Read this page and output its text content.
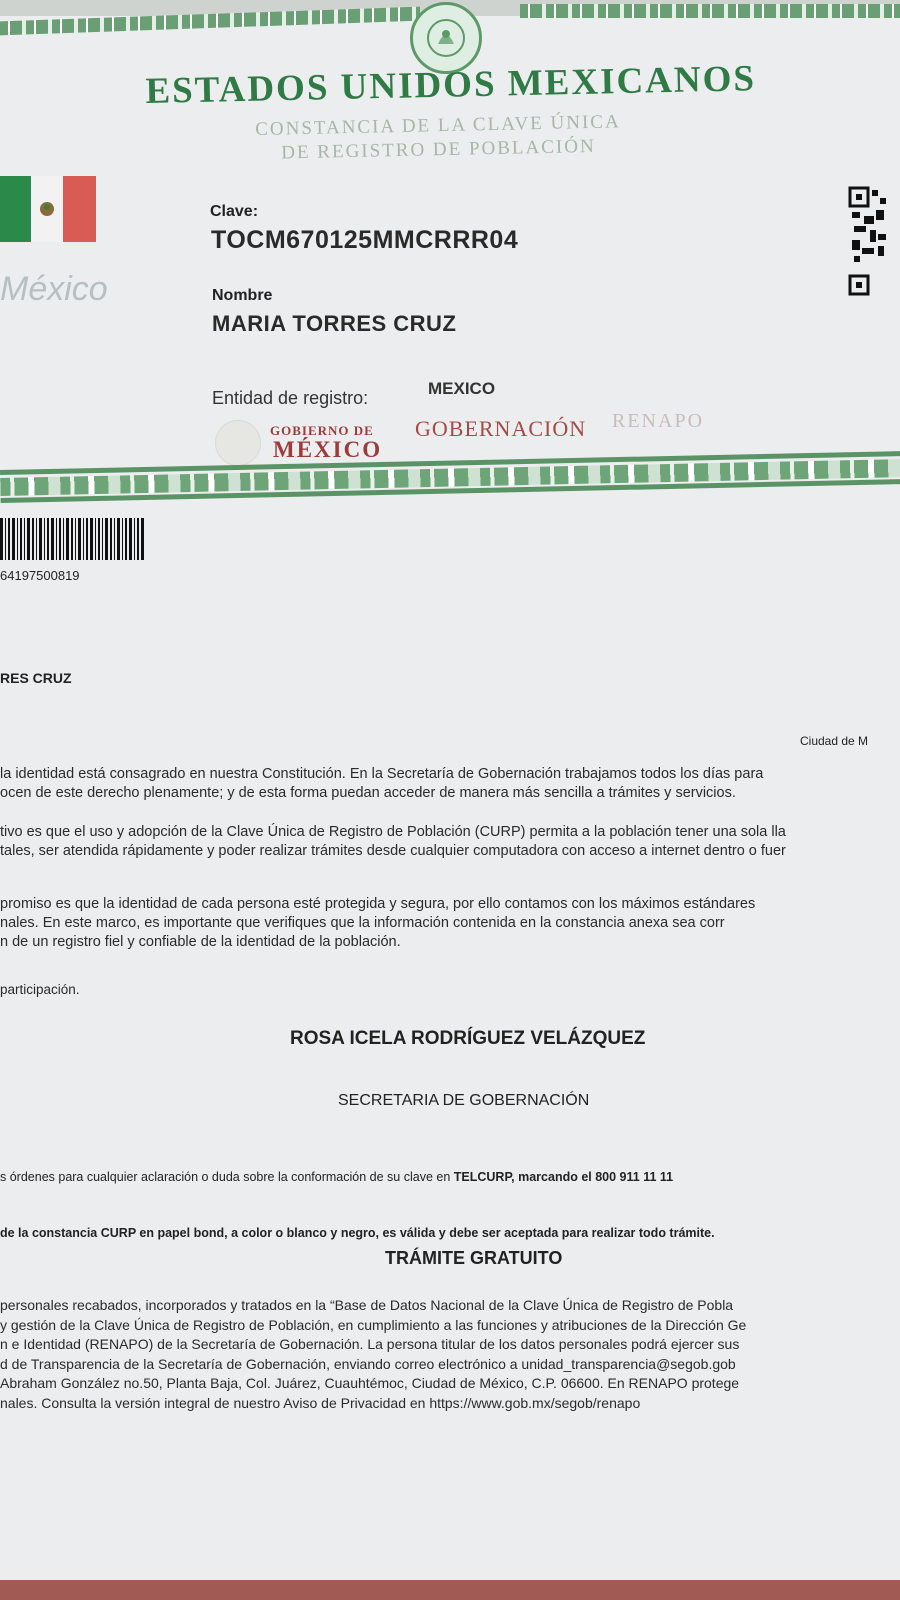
ESTADOS UNIDOS MEXICANOS
CONSTANCIA DE LA CLAVE ÚNICA
DE REGISTRO DE POBLACIÓN
México
Clave:
TOCM670125MMCRRR04
Nombre
MARIA TORRES CRUZ
Entidad de registro:	MEXICO
GOBIERNO DE
MÉXICO
GOBERNACIÓN RENAPO
64197500819
RES CRUZ
Ciudad de M
la identidad está consagrado en nuestra Constitución. En la Secretaría de Gobernación trabajamos todos los días para
ocen de este derecho plenamente; y de esta forma puedan acceder de manera más sencilla a trámites y servicios.
tivo es que el uso y adopción de la Clave Única de Registro de Población (CURP) permita a la población tener una sola lla
tales, ser atendida rápidamente y poder realizar trámites desde cualquier computadora con acceso a internet dentro o fuer
promiso es que la identidad de cada persona esté protegida y segura, por ello contamos con los máximos estándares
nales. En este marco, es importante que verifiques que la información contenida en la constancia anexa sea corr
n de un registro fiel y confiable de la identidad de la población.
participación.
ROSA ICELA RODRÍGUEZ VELÁZQUEZ
SECRETARIA DE GOBERNACIÓN
s órdenes para cualquier aclaración o duda sobre la conformación de su clave en TELCURP, marcando el 800 911 11 11
de la constancia CURP en papel bond, a color o blanco y negro, es válida y debe ser aceptada para realizar todo trámite.
TRÁMITE GRATUITO
personales recabados, incorporados y tratados en la “Base de Datos Nacional de la Clave Única de Registro de Pobla
y gestión de la Clave Única de Registro de Población, en cumplimiento a las funciones y atribuciones de la Dirección Ge
n e Identidad (RENAPO) de la Secretaría de Gobernación. La persona titular de los datos personales podrá ejercer sus
d de Transparencia de la Secretaría de Gobernación, enviando correo electrónico a unidad_transparencia@segob.gob
Abraham González no.50, Planta Baja, Col. Juárez, Cuauhtémoc, Ciudad de México, C.P. 06600. En RENAPO protege
nales. Consulta la versión integral de nuestro Aviso de Privacidad en https://www.gob.mx/segob/renapo
